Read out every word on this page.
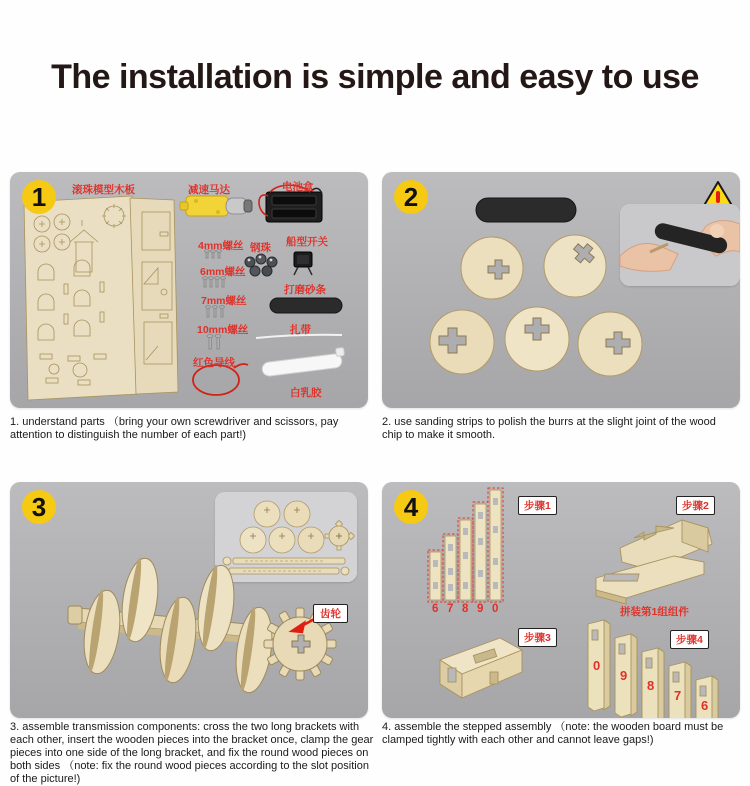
The installation is simple and easy to use
1 滚珠模型木板	减速马达	电池盒
4mm螺丝 钢珠 船型开关
6mm螺丝
7mm螺丝
打磨砂条
10mm螺丝	扎带
红色导线
白乳胶

1. understand parts （bring your own screwdriver and scissors, pay attention to distinguish the number of each part!)

2

2. use sanding strips to polish the burrs at the slight joint of the wood chip to make it smooth.

3
齿轮

3. assemble transmission components: cross the two long brackets with each other, insert the wooden pieces into the bracket once, clamp the gear pieces into one side of the long bracket, and fix the round wood pieces on both sides （note: fix the round wood pieces according to the slot position of the picture!)

4	步骤1	步骤2
步骤3	步骤4
拼装第1组组件
6 7 8 9 0
0
9
8
7
6

4. assemble the stepped assembly （note: the wooden board must be clamped tightly with each other and cannot leave gaps!)
